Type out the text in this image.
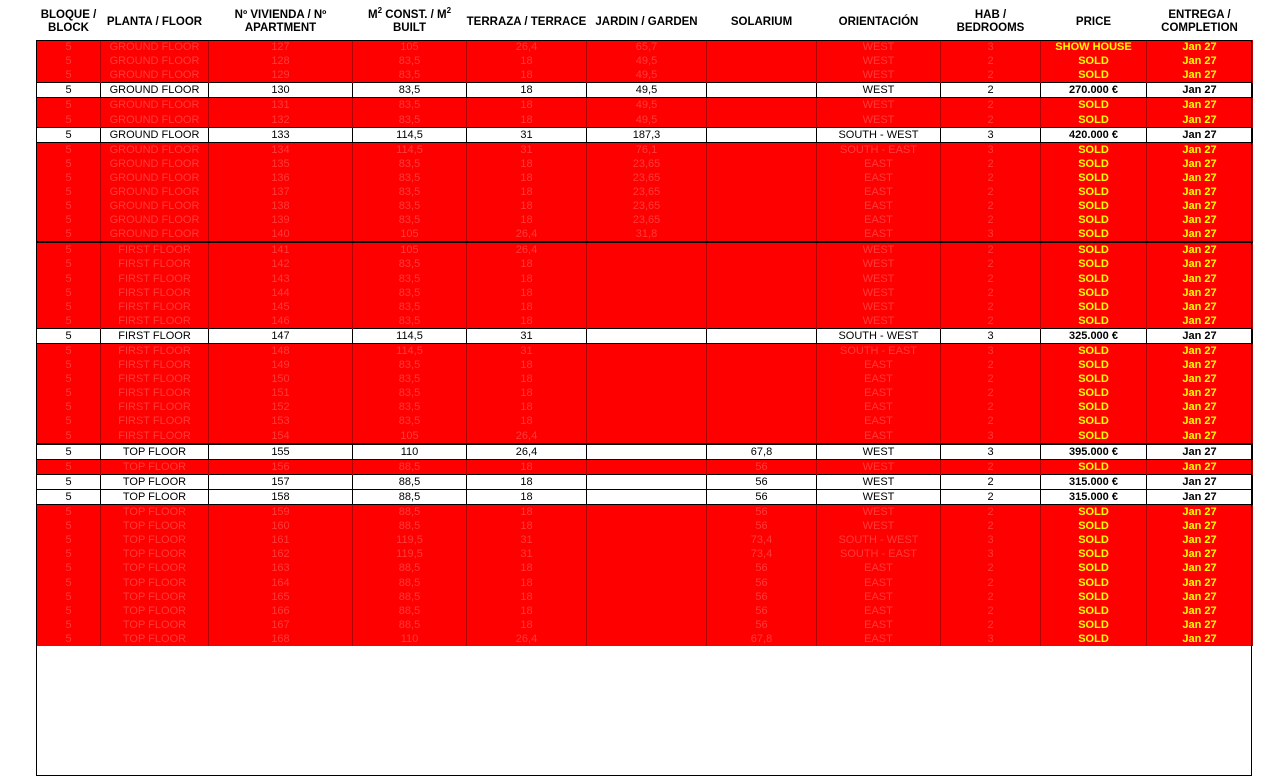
BLOQUE / BLOCK	PLANTA / FLOOR	Nº VIVIENDA / Nº APARTMENT	$M^2$ CONST. / $M^2$
BUILT	TERRAZA / TERRACE	JARDIN / GARDEN	SOLARIUM	ORIENTACIÓN	HAB / BEDROOMS	PRICE	ENTREGA / COMPLETION
5	GROUND FLOOR	127	105	26,4	65,7		WEST	3	SHOW HOUSE	Jan 27
5	GROUND FLOOR	128	83,5	18	49,5		WEST	2	SOLD	Jan 27
5	GROUND FLOOR	129	83,5	18	49,5		WEST	2	SOLD	Jan 27
5	GROUND FLOOR	130	83,5	18	49,5		WEST	2	270.000 €	Jan 27
5	GROUND FLOOR	131	83,5	18	49,5		WEST	2	SOLD	Jan 27
5	GROUND FLOOR	132	83,5	18	49,5		WEST	2	SOLD	Jan 27
5	GROUND FLOOR	133	114,5	31	187,3		SOUTH - WEST	3	420.000 €	Jan 27
5	GROUND FLOOR	134	114,5	31	76,1		SOUTH - EAST	3	SOLD	Jan 27
5	GROUND FLOOR	135	83,5	18	23,65		EAST	2	SOLD	Jan 27
5	GROUND FLOOR	136	83,5	18	23,65		EAST	2	SOLD	Jan 27
5	GROUND FLOOR	137	83,5	18	23,65		EAST	2	SOLD	Jan 27
5	GROUND FLOOR	138	83,5	18	23,65		EAST	2	SOLD	Jan 27
5	GROUND FLOOR	139	83,5	18	23,65		EAST	2	SOLD	Jan 27
5	GROUND FLOOR	140	105	26,4	31,8		EAST	3	SOLD	Jan 27
5	FIRST FLOOR	141	105	26,4			WEST	2	SOLD	Jan 27
5	FIRST FLOOR	142	83,5	18			WEST	2	SOLD	Jan 27
5	FIRST FLOOR	143	83,5	18			WEST	2	SOLD	Jan 27
5	FIRST FLOOR	144	83,5	18			WEST	2	SOLD	Jan 27
5	FIRST FLOOR	145	83,5	18			WEST	2	SOLD	Jan 27
5	FIRST FLOOR	146	83,5	18			WEST	2	SOLD	Jan 27
5	FIRST FLOOR	147	114,5	31			SOUTH - WEST	3	325.000 €	Jan 27
5	FIRST FLOOR	148	114,5	31			SOUTH - EAST	3	SOLD	Jan 27
5	FIRST FLOOR	149	83,5	18			EAST	2	SOLD	Jan 27
5	FIRST FLOOR	150	83,5	18			EAST	2	SOLD	Jan 27
5	FIRST FLOOR	151	83,5	18			EAST	2	SOLD	Jan 27
5	FIRST FLOOR	152	83,5	18			EAST	2	SOLD	Jan 27
5	FIRST FLOOR	153	83,5	18			EAST	2	SOLD	Jan 27
5	FIRST FLOOR	154	105	26,4			EAST	3	SOLD	Jan 27
5	TOP FLOOR	155	110	26,4		67,8	WEST	3	395.000 €	Jan 27
5	TOP FLOOR	156	88,5	18		56	WEST	2	SOLD	Jan 27
5	TOP FLOOR	157	88,5	18		56	WEST	2	315.000 €	Jan 27
5	TOP FLOOR	158	88,5	18		56	WEST	2	315.000 €	Jan 27
5	TOP FLOOR	159	88,5	18		56	WEST	2	SOLD	Jan 27
5	TOP FLOOR	160	88,5	18		56	WEST	2	SOLD	Jan 27
5	TOP FLOOR	161	119,5	31		73,4	SOUTH - WEST	3	SOLD	Jan 27
5	TOP FLOOR	162	119,5	31		73,4	SOUTH - EAST	3	SOLD	Jan 27
5	TOP FLOOR	163	88,5	18		56	EAST	2	SOLD	Jan 27
5	TOP FLOOR	164	88,5	18		56	EAST	2	SOLD	Jan 27
5	TOP FLOOR	165	88,5	18		56	EAST	2	SOLD	Jan 27
5	TOP FLOOR	166	88,5	18		56	EAST	2	SOLD	Jan 27
5	TOP FLOOR	167	88,5	18		56	EAST	2	SOLD	Jan 27
5	TOP FLOOR	168	110	26,4		67,8	EAST	3	SOLD	Jan 27
